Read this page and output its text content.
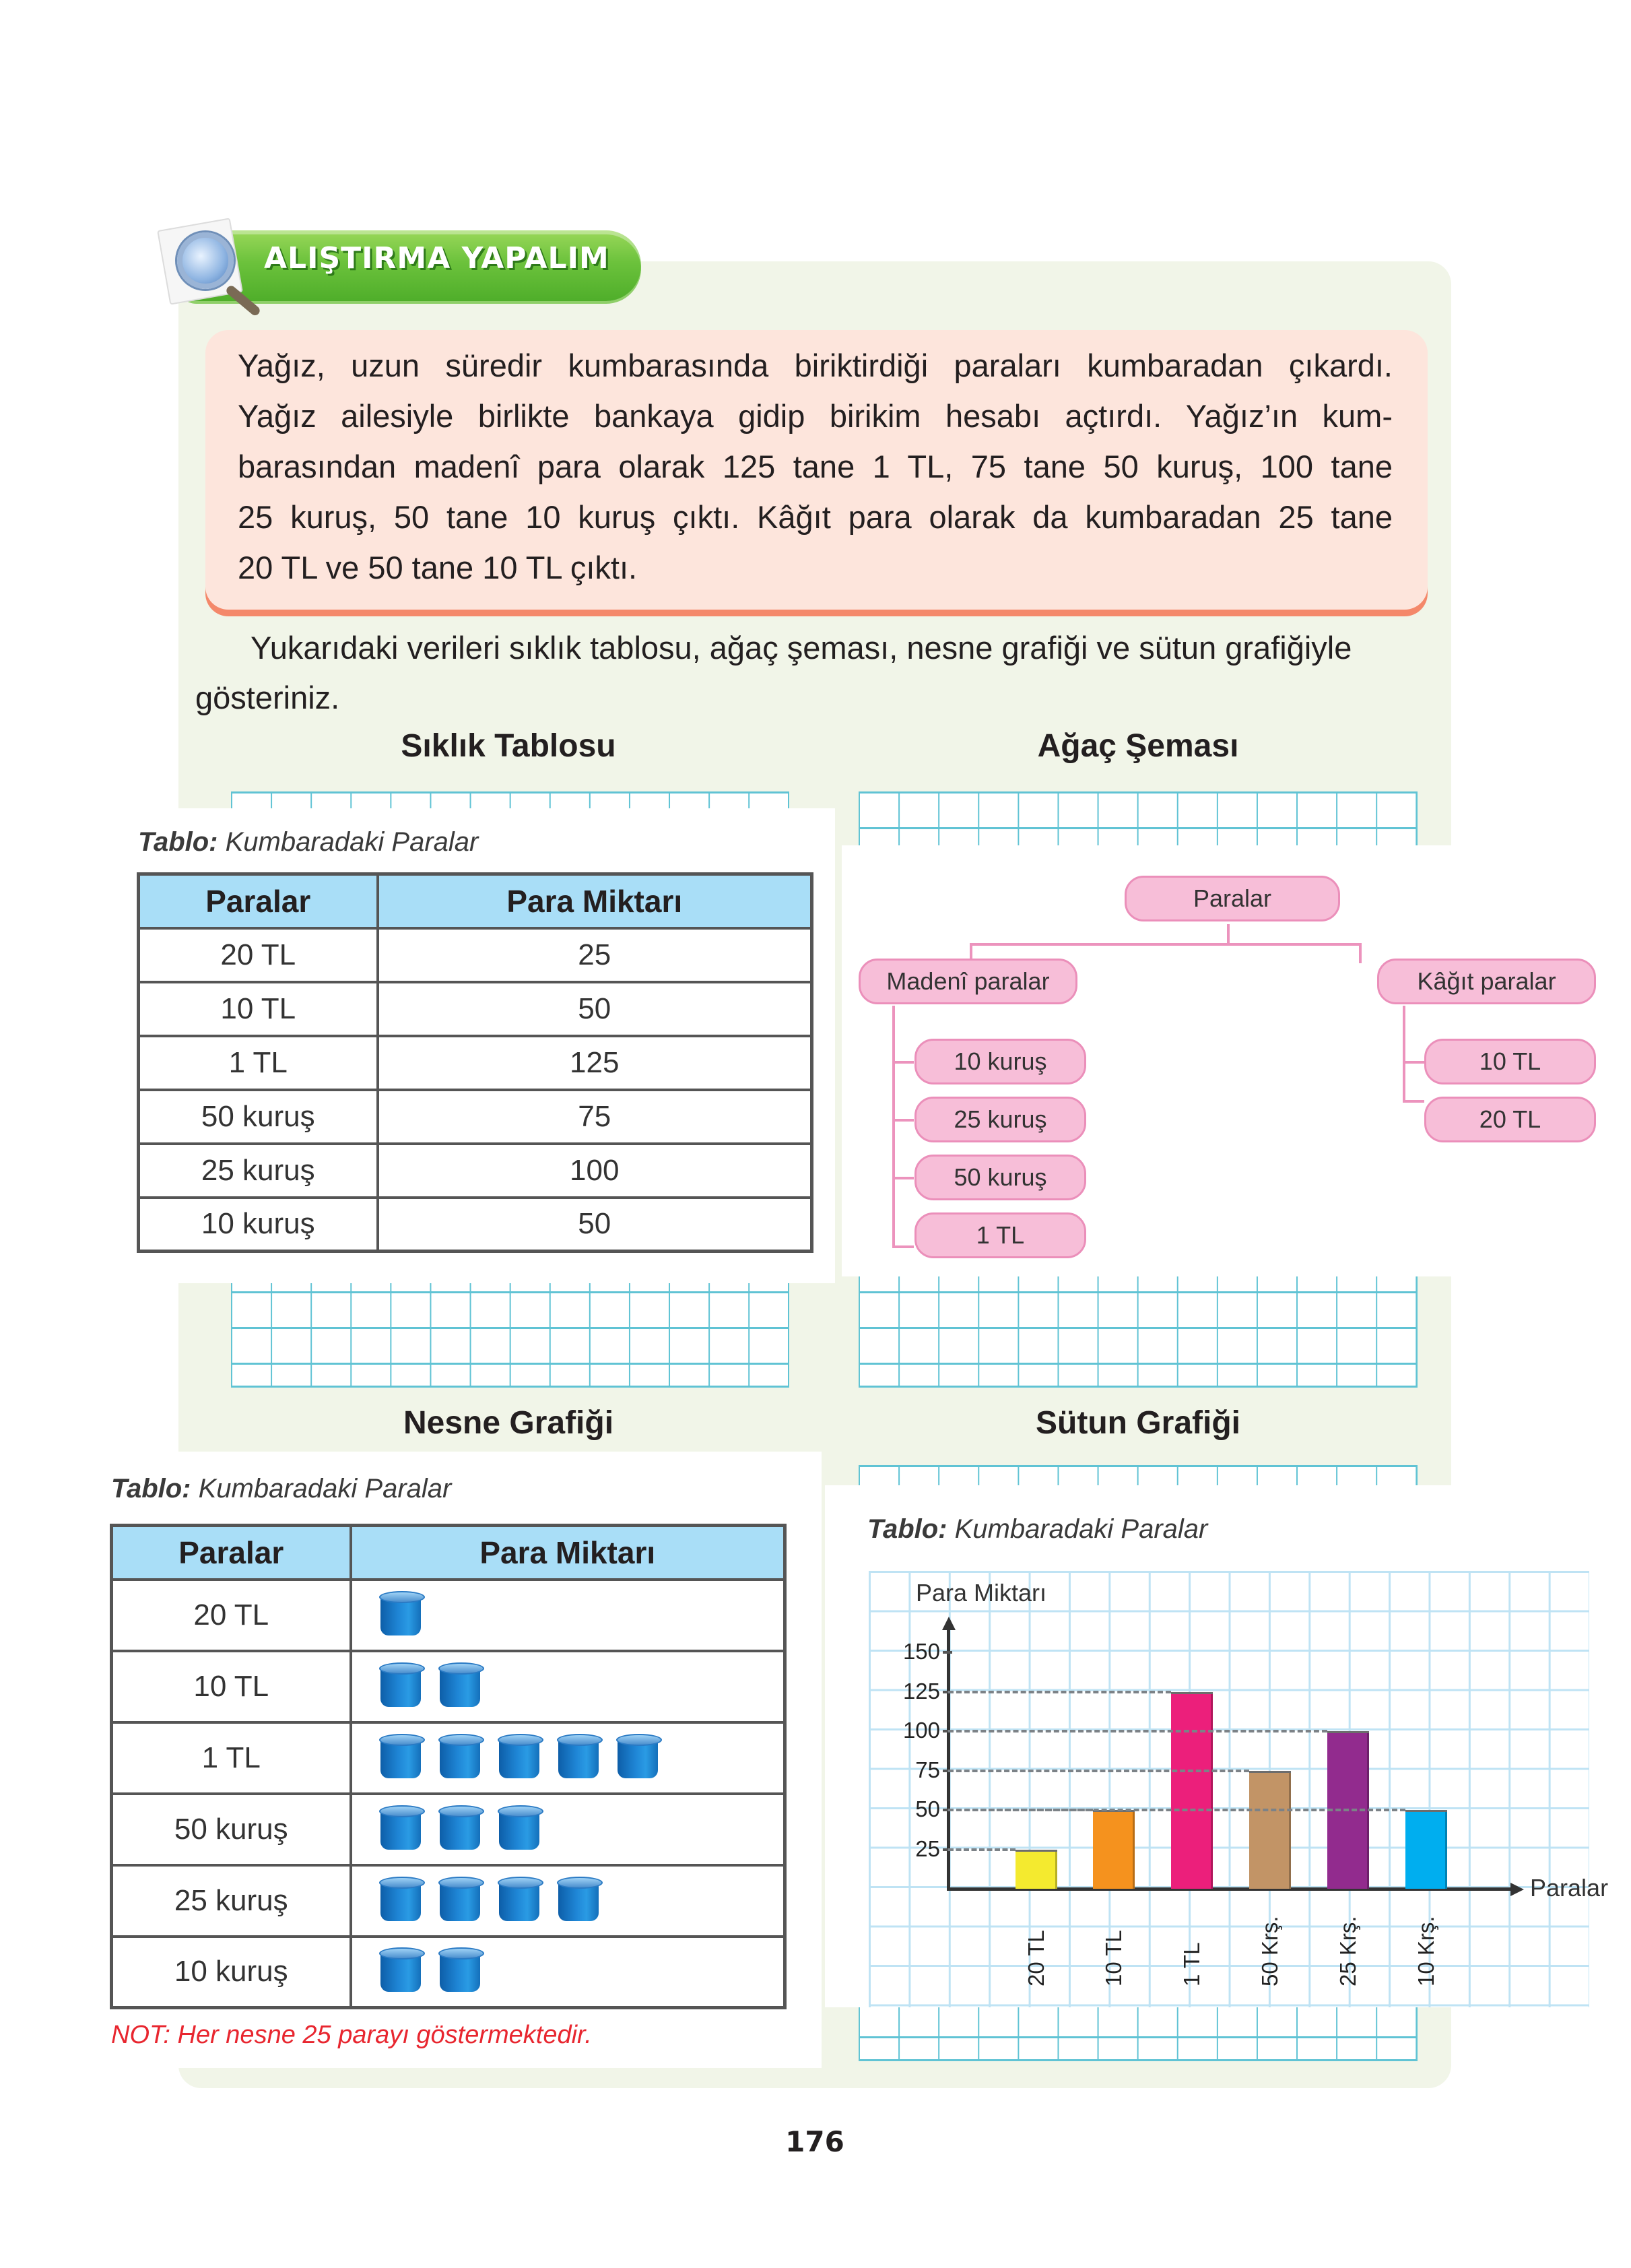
ALIŞTIRMA YAPALIM
Yağız, uzun süredir kumbarasında biriktirdiği paraları kumbaradan çıkardı.
Yağız ailesiyle birlikte bankaya gidip birikim hesabı açtırdı. Yağız’ın kum-
barasından madenî para olarak 125 tane 1 TL, 75 tane 50 kuruş, 100 tane
25 kuruş, 50 tane 10 kuruş çıktı. Kâğıt para olarak da kumbaradan 25 tane
20 TL ve 50 tane 10 TL çıktı.
Yukarıdaki verileri sıklık tablosu, ağaç şeması, nesne grafiği ve sütun grafiğiyle gösteriniz.
Sıklık Tablosu	Ağaç Şeması
Tablo: Kumbaradaki Paralar
Paralar	Para Miktarı
20 TL	25
10 TL	50
1 TL	125
50 kuruş	75
25 kuruş	100
10 kuruş	50
Paralar
Madenî paralar	Kâğıt paralar
10 kuruş
25 kuruş
50 kuruş
1 TL
10 TL
20 TL
Nesne Grafiği	Sütun Grafiği
Tablo: Kumbaradaki Paralar
Paralar	Para Miktarı
20 TL	
10 TL	
1 TL	
50 kuruş	
25 kuruş	
10 kuruş	
NOT: Her nesne 25 parayı göstermektedir.
Tablo: Kumbaradaki Paralar
Para Miktarı
Paralar
25
50
75
100
125
150
20 TL 10 TL 1 TL 50 Krş. 25 Krş. 10 Krş.
176
